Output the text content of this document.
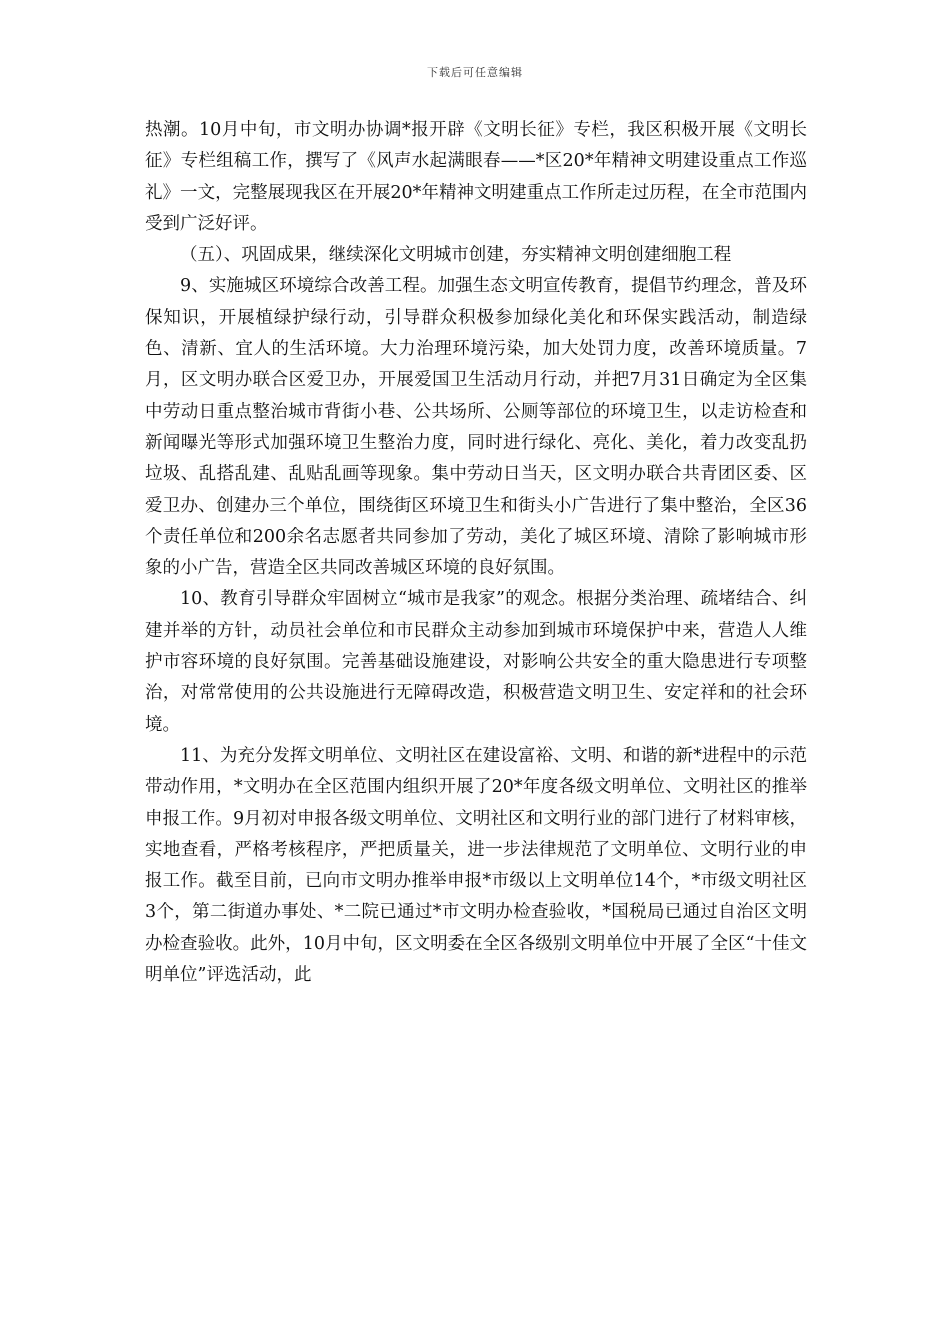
下载后可任意编辑

热潮。10月中旬，市文明办协调*报开辟《文明长征》专栏，我区积极开展《文明长征》专栏组稿工作，撰写了《风声水起满眼春——*区20*年精神文明建设重点工作巡礼》一文，完整展现我区在开展20*年精神文明建重点工作所走过历程，在全市范围内受到广泛好评。

（五）、巩固成果，继续深化文明城市创建，夯实精神文明创建细胞工程

9、实施城区环境综合改善工程。加强生态文明宣传教育，提倡节约理念，普及环保知识，开展植绿护绿行动，引导群众积极参加绿化美化和环保实践活动，制造绿色、清新、宜人的生活环境。大力治理环境污染，加大处罚力度，改善环境质量。7月，区文明办联合区爱卫办，开展爱国卫生活动月行动，并把7月31日确定为全区集中劳动日重点整治城市背街小巷、公共场所、公厕等部位的环境卫生，以走访检查和新闻曝光等形式加强环境卫生整治力度，同时进行绿化、亮化、美化，着力改变乱扔垃圾、乱搭乱建、乱贴乱画等现象。集中劳动日当天，区文明办联合共青团区委、区爱卫办、创建办三个单位，围绕街区环境卫生和街头小广告进行了集中整治，全区36个责任单位和200余名志愿者共同参加了劳动，美化了城区环境、清除了影响城市形象的小广告，营造全区共同改善城区环境的良好氛围。

10、教育引导群众牢固树立“城市是我家”的观念。根据分类治理、疏堵结合、纠建并举的方针，动员社会单位和市民群众主动参加到城市环境保护中来，营造人人维护市容环境的良好氛围。完善基础设施建设，对影响公共安全的重大隐患进行专项整治，对常常使用的公共设施进行无障碍改造，积极营造文明卫生、安定祥和的社会环境。

11、为充分发挥文明单位、文明社区在建设富裕、文明、和谐的新*进程中的示范带动作用，*文明办在全区范围内组织开展了20*年度各级文明单位、文明社区的推举申报工作。9月初对申报各级文明单位、文明社区和文明行业的部门进行了材料审核，实地查看，严格考核程序，严把质量关，进一步法律规范了文明单位、文明行业的申报工作。截至目前，已向市文明办推举申报*市级以上文明单位14个，*市级文明社区3个，第二街道办事处、*二院已通过*市文明办检查验收，*国税局已通过自治区文明办检查验收。此外，10月中旬，区文明委在全区各级别文明单位中开展了全区“十佳文明单位”评选活动，此
